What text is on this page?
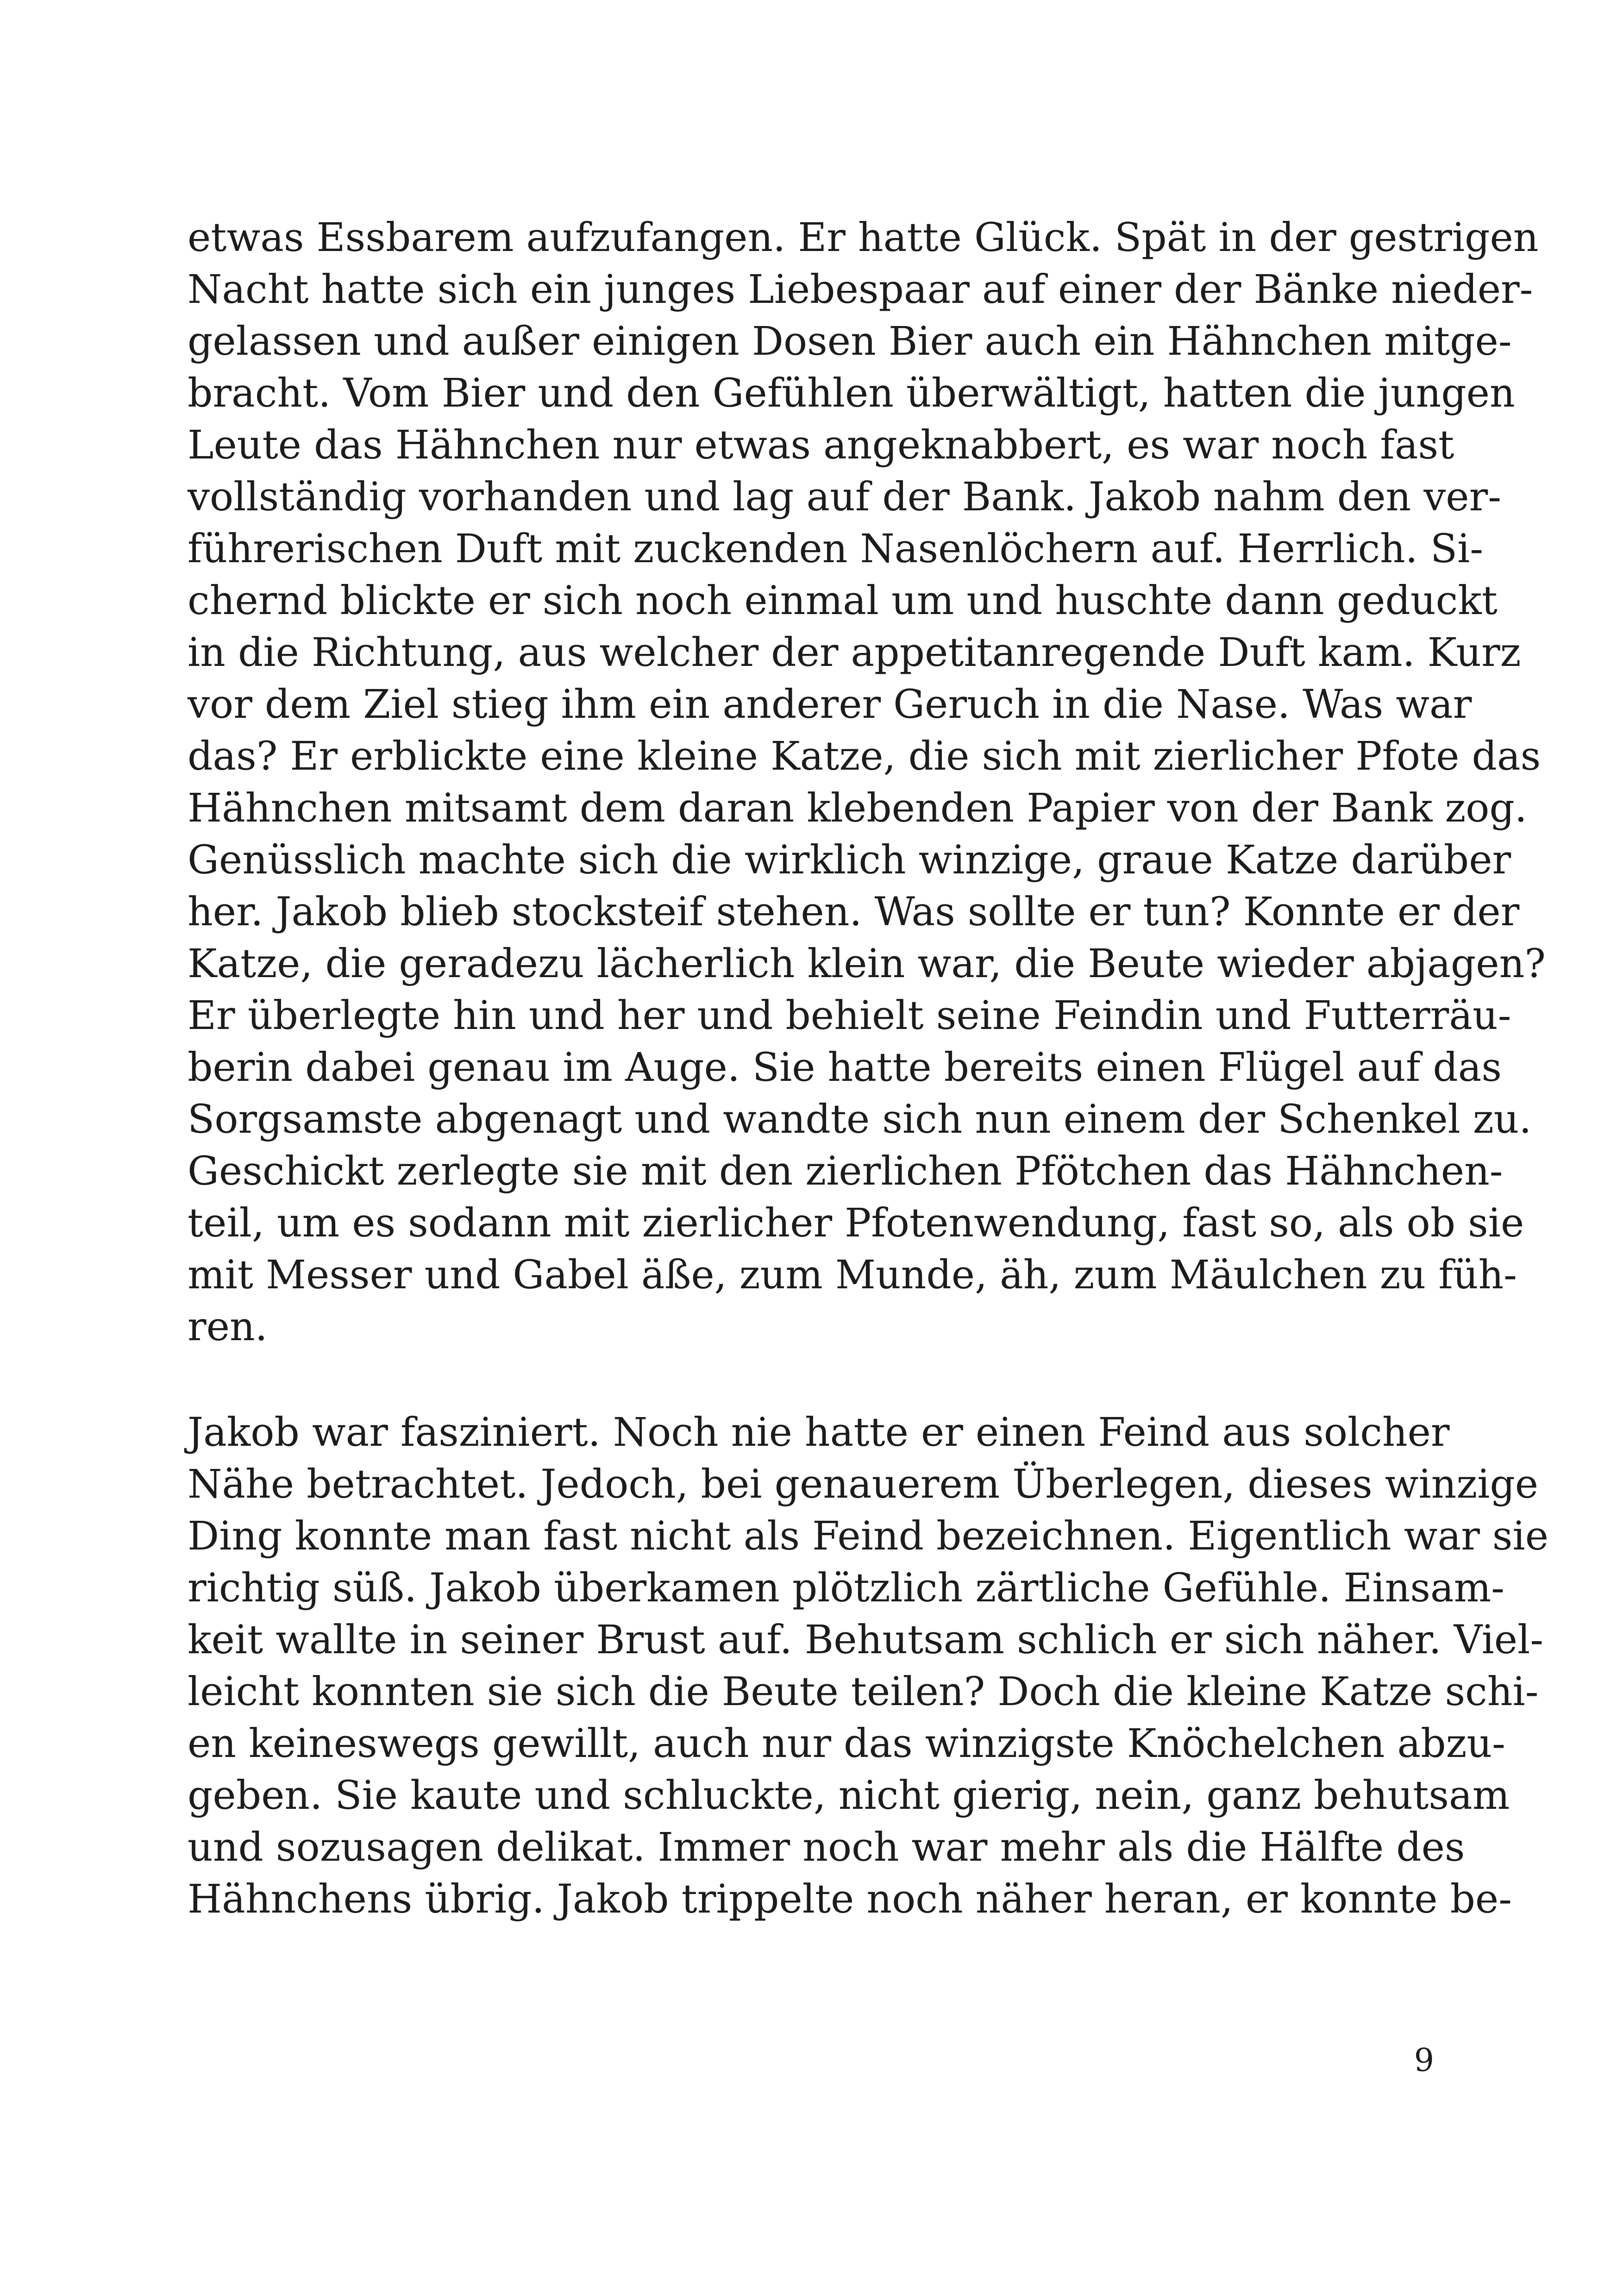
etwas Essbarem aufzufangen. Er hatte Glück. Spät in der gestrigen
Nacht hatte sich ein junges Liebespaar auf einer der Bänke nieder-
gelassen und außer einigen Dosen Bier auch ein Hähnchen mitge-
bracht. Vom Bier und den Gefühlen überwältigt, hatten die jungen
Leute das Hähnchen nur etwas angeknabbert, es war noch fast
vollständig vorhanden und lag auf der Bank. Jakob nahm den ver-
führerischen Duft mit zuckenden Nasenlöchern auf. Herrlich. Si-
chernd blickte er sich noch einmal um und huschte dann geduckt
in die Richtung, aus welcher der appetitanregende Duft kam. Kurz
vor dem Ziel stieg ihm ein anderer Geruch in die Nase. Was war
das? Er erblickte eine kleine Katze, die sich mit zierlicher Pfote das
Hähnchen mitsamt dem daran klebenden Papier von der Bank zog.
Genüsslich machte sich die wirklich winzige, graue Katze darüber
her. Jakob blieb stocksteif stehen. Was sollte er tun? Konnte er der
Katze, die geradezu lächerlich klein war, die Beute wieder abjagen?
Er überlegte hin und her und behielt seine Feindin und Futterräu-
berin dabei genau im Auge. Sie hatte bereits einen Flügel auf das
Sorgsamste abgenagt und wandte sich nun einem der Schenkel zu.
Geschickt zerlegte sie mit den zierlichen Pfötchen das Hähnchen-
teil, um es sodann mit zierlicher Pfotenwendung, fast so, als ob sie
mit Messer und Gabel äße, zum Munde, äh, zum Mäulchen zu füh-
ren.
Jakob war fasziniert. Noch nie hatte er einen Feind aus solcher
Nähe betrachtet. Jedoch, bei genauerem Überlegen, dieses winzige
Ding konnte man fast nicht als Feind bezeichnen. Eigentlich war sie
richtig süß. Jakob überkamen plötzlich zärtliche Gefühle. Einsam-
keit wallte in seiner Brust auf. Behutsam schlich er sich näher. Viel-
leicht konnten sie sich die Beute teilen? Doch die kleine Katze schi-
en keineswegs gewillt, auch nur das winzigste Knöchelchen abzu-
geben. Sie kaute und schluckte, nicht gierig, nein, ganz behutsam
und sozusagen delikat. Immer noch war mehr als die Hälfte des
Hähnchens übrig. Jakob trippelte noch näher heran, er konnte be-
9
